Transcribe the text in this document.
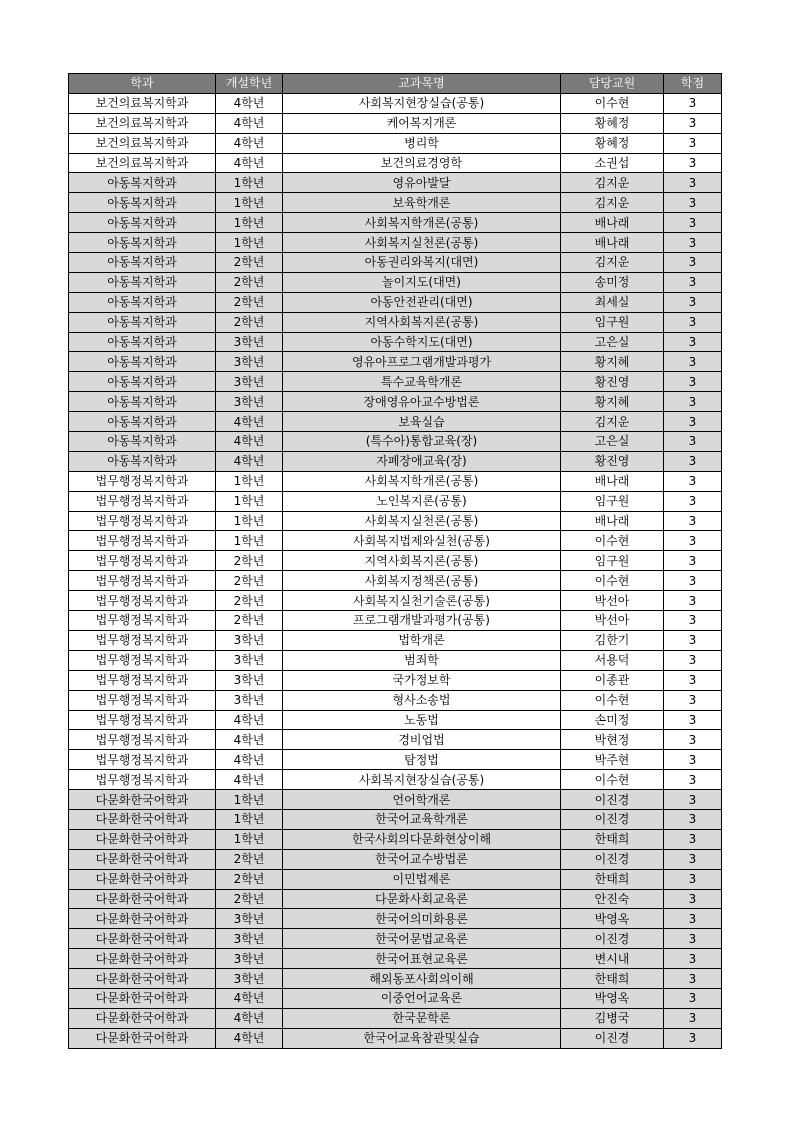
학과	개설학년	교과목명	담당교원	학점
보건의료복지학과	4학년	사회복지현장실습(공통)	이수현	3
보건의료복지학과	4학년	케어복지개론	황혜정	3
보건의료복지학과	4학년	병리학	황혜정	3
보건의료복지학과	4학년	보건의료경영학	소권섭	3
아동복지학과	1학년	영유아발달	김지운	3
아동복지학과	1학년	보육학개론	김지운	3
아동복지학과	1학년	사회복지학개론(공통)	배나래	3
아동복지학과	1학년	사회복지실천론(공통)	배나래	3
아동복지학과	2학년	아동권리와복지(대면)	김지운	3
아동복지학과	2학년	놀이지도(대면)	송미정	3
아동복지학과	2학년	아동안전관리(대면)	최세실	3
아동복지학과	2학년	지역사회복지론(공통)	임구원	3
아동복지학과	3학년	아동수학지도(대면)	고은실	3
아동복지학과	3학년	영유아프로그램개발과평가	황지혜	3
아동복지학과	3학년	특수교육학개론	황진영	3
아동복지학과	3학년	장애영유아교수방법론	황지혜	3
아동복지학과	4학년	보육실습	김지운	3
아동복지학과	4학년	(특수아)통합교육(장)	고은실	3
아동복지학과	4학년	자폐장애교육(장)	황진영	3
법무행정복지학과	1학년	사회복지학개론(공통)	배나래	3
법무행정복지학과	1학년	노인복지론(공통)	임구원	3
법무행정복지학과	1학년	사회복지실천론(공통)	배나래	3
법무행정복지학과	1학년	사회복지법제와실천(공통)	이수현	3
법무행정복지학과	2학년	지역사회복지론(공통)	임구원	3
법무행정복지학과	2학년	사회복지정책론(공통)	이수현	3
법무행정복지학과	2학년	사회복지실천기술론(공통)	박선아	3
법무행정복지학과	2학년	프로그램개발과평가(공통)	박선아	3
법무행정복지학과	3학년	법학개론	김한기	3
법무행정복지학과	3학년	범죄학	서용덕	3
법무행정복지학과	3학년	국가정보학	이종관	3
법무행정복지학과	3학년	형사소송법	이수현	3
법무행정복지학과	4학년	노동법	손미정	3
법무행정복지학과	4학년	경비업법	박현정	3
법무행정복지학과	4학년	탐정법	박주현	3
법무행정복지학과	4학년	사회복지현장실습(공통)	이수현	3
다문화한국어학과	1학년	언어학개론	이진경	3
다문화한국어학과	1학년	한국어교육학개론	이진경	3
다문화한국어학과	1학년	한국사회의다문화현상이해	한태희	3
다문화한국어학과	2학년	한국어교수방법론	이진경	3
다문화한국어학과	2학년	이민법제론	한태희	3
다문화한국어학과	2학년	다문화사회교육론	안진숙	3
다문화한국어학과	3학년	한국어의미화용론	박영옥	3
다문화한국어학과	3학년	한국어문법교육론	이진경	3
다문화한국어학과	3학년	한국어표현교육론	변시내	3
다문화한국어학과	3학년	해외동포사회의이해	한태희	3
다문화한국어학과	4학년	이중언어교육론	박영옥	3
다문화한국어학과	4학년	한국문학론	김병국	3
다문화한국어학과	4학년	한국어교육참관및실습	이진경	3
